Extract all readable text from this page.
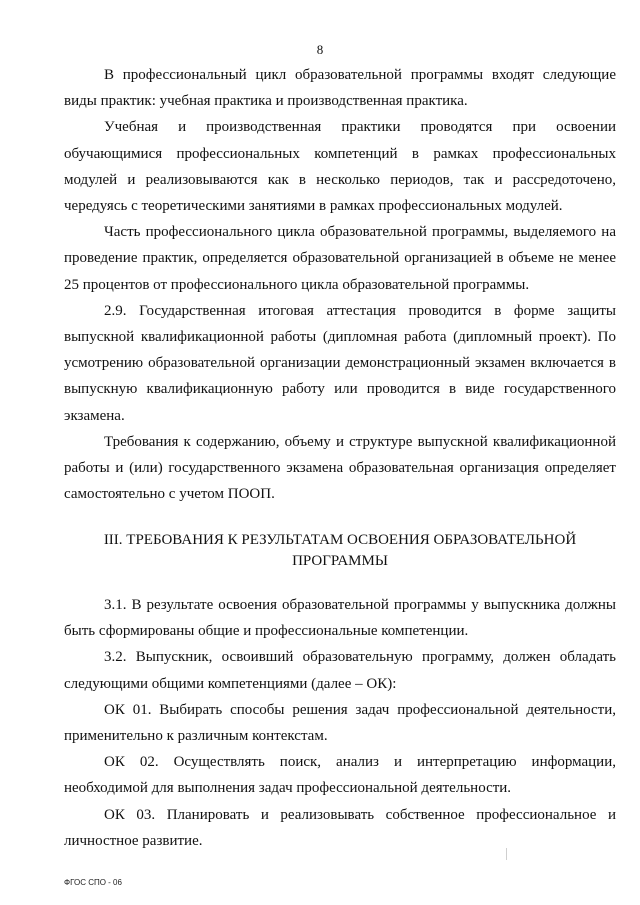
8

В профессиональный цикл образовательной программы входят следующие виды практик: учебная практика и производственная практика.

Учебная и производственная практики проводятся при освоении обучающимися профессиональных компетенций в рамках профессиональных модулей и реализовываются как в несколько периодов, так и рассредоточено, чередуясь с теоретическими занятиями в рамках профессиональных модулей.

Часть профессионального цикла образовательной программы, выделяемого на проведение практик, определяется образовательной организацией в объеме не менее 25 процентов от профессионального цикла образовательной программы.

2.9. Государственная итоговая аттестация проводится в форме защиты выпускной квалификационной работы (дипломная работа (дипломный проект). По усмотрению образовательной организации демонстрационный экзамен включается в выпускную квалификационную работу или проводится в виде государственного экзамена.

Требования к содержанию, объему и структуре выпускной квалификационной работы и (или) государственного экзамена образовательная организация определяет самостоятельно с учетом ПООП.

III. ТРЕБОВАНИЯ К РЕЗУЛЬТАТАМ ОСВОЕНИЯ ОБРАЗОВАТЕЛЬНОЙ
ПРОГРАММЫ

3.1. В результате освоения образовательной программы у выпускника должны быть сформированы общие и профессиональные компетенции.

3.2. Выпускник, освоивший образовательную программу, должен обладать следующими общими компетенциями (далее – ОК):

ОК 01. Выбирать способы решения задач профессиональной деятельности, применительно к различным контекстам.

ОК 02. Осуществлять поиск, анализ и интерпретацию информации, необходимой для выполнения задач профессиональной деятельности.

ОК 03. Планировать и реализовывать собственное профессиональное и личностное развитие.

ФГОС СПО - 06
